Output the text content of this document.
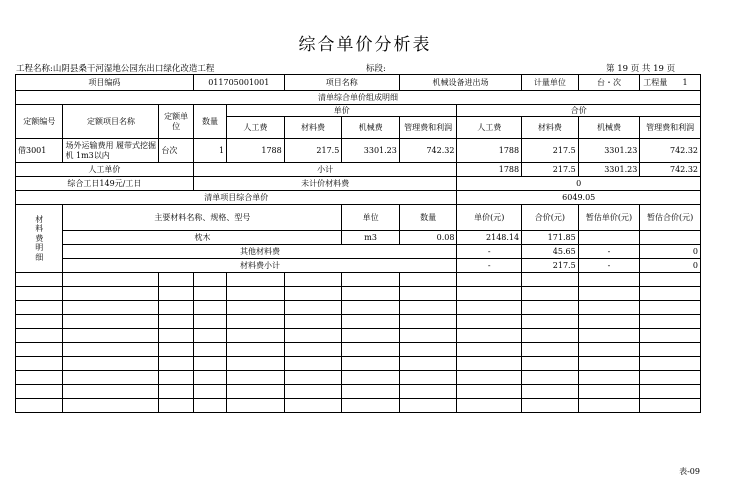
综合单价分析表
工程名称:山阴县桑干河湿地公园东出口绿化改造工程	标段:	第 19 页 共 19 页
项目编码			011705001001		项目名称		机械设备进出场		计量单位	台・次	工程量 1

清单综合单价组成明细											
定额编号	定额项目名称	定额单位	数量	单价				合价			
				人工费	材料费	机械费	管理费和利润	人工费	材料费	机械费	管理费和利润
借3001	场外运输费用 履带式挖掘机 1m3以内	台次	1	1788	217.5	3301.23	742.32	1788	217.5	3301.23	742.32
人工单价			小计					1788	217.5	3301.23	742.32
综合工日149元/工日			未计价材料费					0			
清单项目综合单价								6049.05			

材料费明细	主要材料名称、规格、型号					单位	数量	单价(元)	合价(元)	暂估单价(元)	暂估合价(元)
	枕木					m3	0.08	2148.14	171.85		
	其他材料费							-	45.65	-	0
	材料费小计							-	217.5	-	0

表-09
